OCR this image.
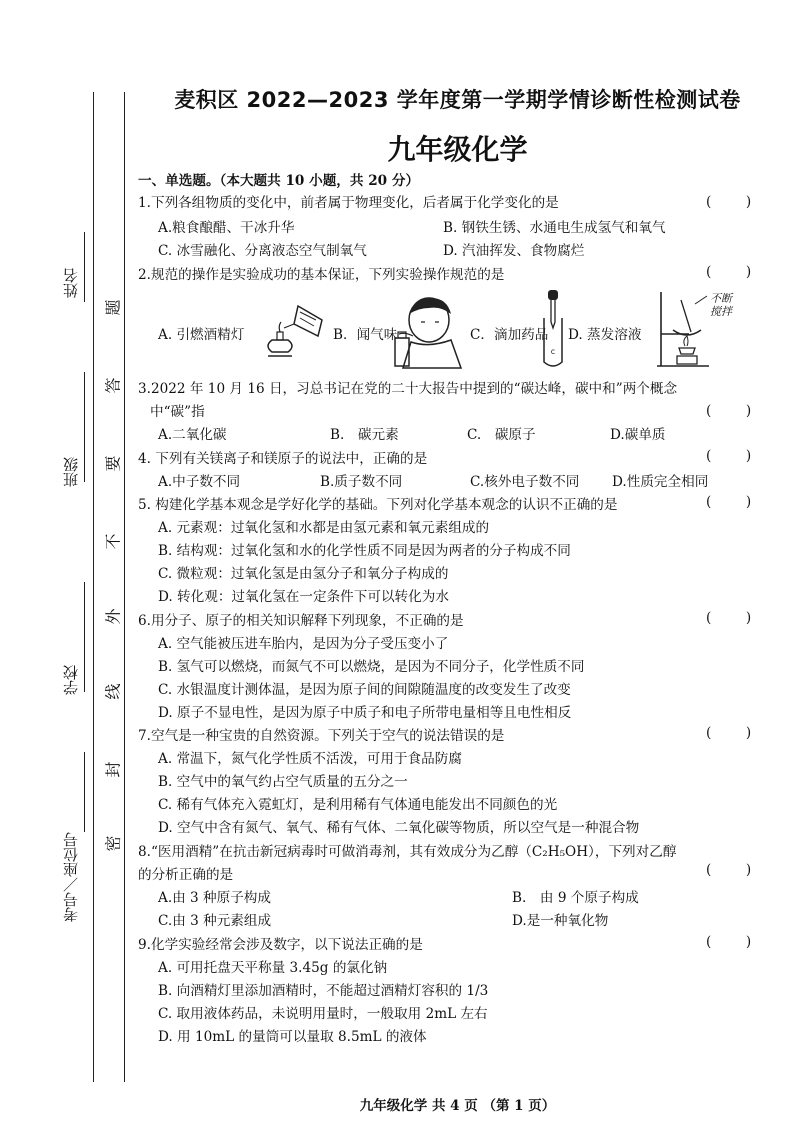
姓名
班级
学校
考号／座位号
题
答
要
不
外
线
封
密
麦积区 2022—2023 学年度第一学期学情诊断性检测试卷
九年级化学
一、单选题。（本大题共 10 小题，共 20 分）
1.下列各组物质的变化中，前者属于物理变化，后者属于化学变化的是	(        )
A.粮食酿醋、干冰升华	B. 钢铁生锈、水通电生成氢气和氧气
C. 冰雪融化、分离液态空气制氧气	D. 汽油挥发、食物腐烂
2.规范的操作是实验成功的基本保证，下列实验操作规范的是	(        )
A. 引燃酒精灯	B．闻气味	C．滴加药品 D. 蒸发溶液
c
不断
搅拌
3.2022 年 10 月 16 日，习总书记在党的二十大报告中提到的“碳达峰，碳中和”两个概念
中“碳”指	(        )
A.二氧化碳	B.　碳元素	C.　碳原子	D.碳单质
4. 下列有关镁离子和镁原子的说法中，正确的是	(        )
A.中子数不同	B.质子数不同	C.核外电子数不同 D.性质完全相同
5. 构建化学基本观念是学好化学的基础。下列对化学基本观念的认识不正确的是	(        )
A. 元素观：过氧化氢和水都是由氢元素和氧元素组成的
B. 结构观：过氧化氢和水的化学性质不同是因为两者的分子构成不同
C. 微粒观：过氧化氢是由氢分子和氧分子构成的
D. 转化观：过氧化氢在一定条件下可以转化为水
6.用分子、原子的相关知识解释下列现象，不正确的是	(        )
A. 空气能被压进车胎内，是因为分子受压变小了
B. 氢气可以燃烧，而氮气不可以燃烧，是因为不同分子，化学性质不同
C. 水银温度计测体温，是因为原子间的间隙随温度的改变发生了改变
D. 原子不显电性，是因为原子中质子和电子所带电量相等且电性相反
7.空气是一种宝贵的自然资源。下列关于空气的说法错误的是	(        )
A. 常温下，氮气化学性质不活泼，可用于食品防腐
B. 空气中的氧气约占空气质量的五分之一
C. 稀有气体充入霓虹灯，是利用稀有气体通电能发出不同颜色的光
D. 空气中含有氮气、氧气、稀有气体、二氧化碳等物质，所以空气是一种混合物
8.“医用酒精”在抗击新冠病毒时可做消毒剂，其有效成分为乙醇（C₂H₅OH），下列对乙醇
的分析正确的是	(        )
A.由 3 种原子构成	B.　由 9 个原子构成
C.由 3 种元素组成	D.是一种氧化物
9.化学实验经常会涉及数字，以下说法正确的是	(        )
A. 可用托盘天平称量 3.45g 的氯化钠
B. 向酒精灯里添加酒精时，不能超过酒精灯容积的 1/3
C. 取用液体药品，未说明用量时，一般取用 2mL 左右
D. 用 10mL 的量筒可以量取 8.5mL 的液体
九年级化学 共 4 页 （第 1 页）
